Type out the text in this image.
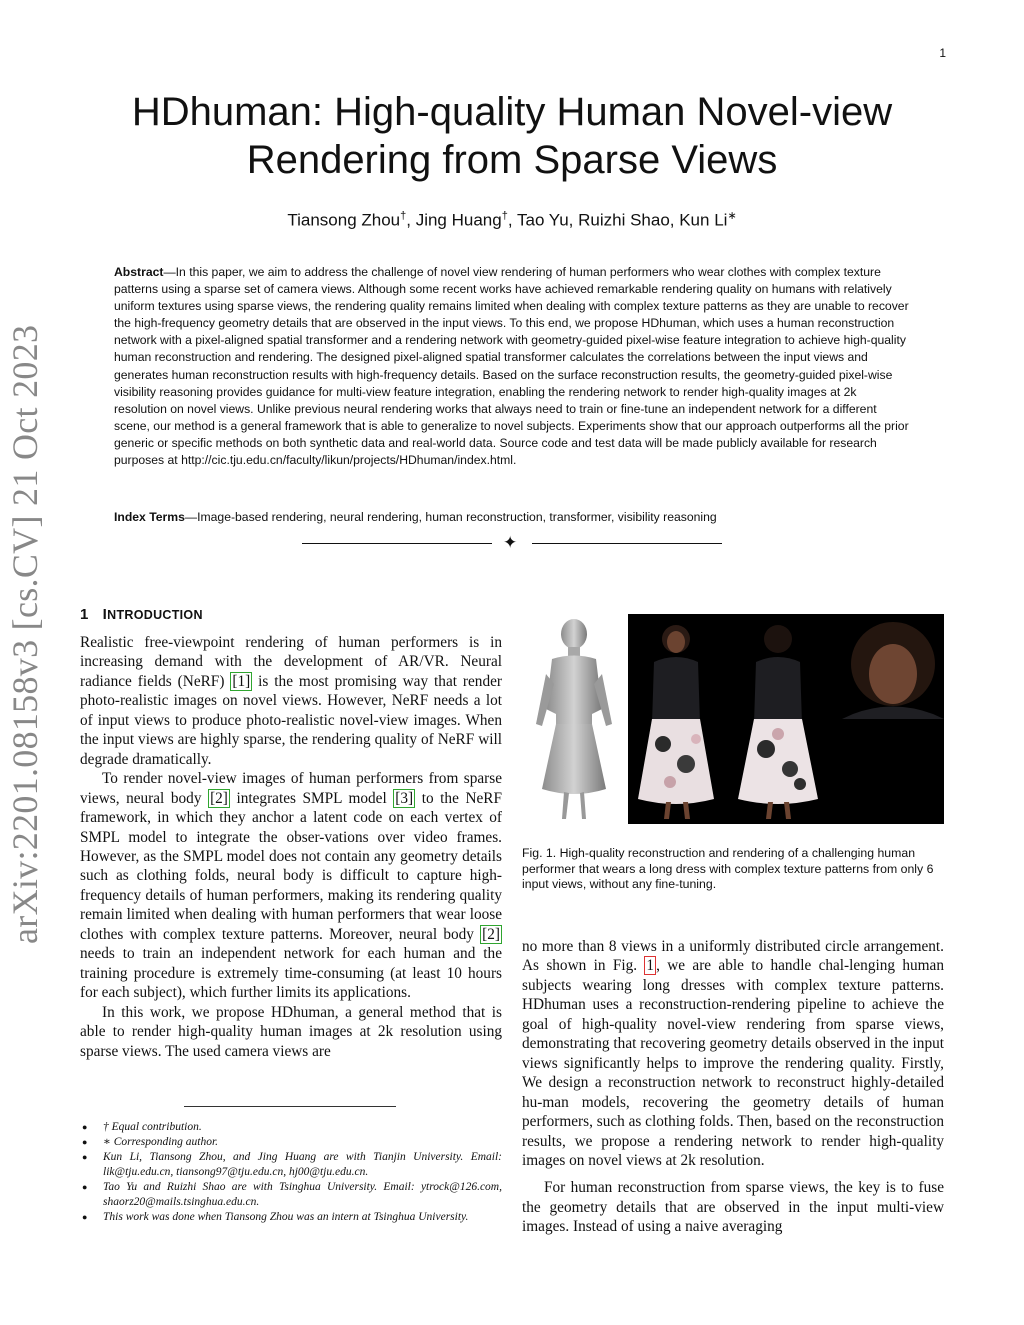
1
arXiv:2201.08158v3 [cs.CV] 21 Oct 2023
HDhuman: High-quality Human Novel-view
Rendering from Sparse Views

Tiansong Zhou†, Jing Huang†, Tao Yu, Ruizhi Shao, Kun Li∗

Abstract—In this paper, we aim to address the challenge of novel view rendering of human performers who wear clothes with complex texture patterns using a sparse set of camera views. Although some recent works have achieved remarkable rendering quality on humans with relatively uniform textures using sparse views, the rendering quality remains limited when dealing with complex texture patterns as they are unable to recover the high-frequency geometry details that are observed in the input views. To this end, we propose HDhuman, which uses a human reconstruction network with a pixel-aligned spatial transformer and a rendering network with geometry-guided pixel-wise feature integration to achieve high-quality human reconstruction and rendering. The designed pixel-aligned spatial transformer calculates the correlations between the input views and generates human reconstruction results with high-frequency details. Based on the surface reconstruction results, the geometry-guided pixel-wise visibility reasoning provides guidance for multi-view feature integration, enabling the rendering network to render high-quality images at 2k resolution on novel views. Unlike previous neural rendering works that always need to train or fine-tune an independent network for a different scene, our method is a general framework that is able to generalize to novel subjects. Experiments show that our approach outperforms all the prior generic or specific methods on both synthetic data and real-world data. Source code and test data will be made publicly available for research purposes at http://cic.tju.edu.cn/faculty/likun/projects/HDhuman/index.html.

Index Terms—Image-based rendering, neural rendering, human reconstruction, transformer, visibility reasoning

✦
1 INTRODUCTION

Realistic free-viewpoint rendering of human performers is in increasing demand with the development of AR/VR. Neural radiance fields (NeRF) [1] is the most promising way that render photo-realistic images on novel views. However, NeRF needs a lot of input views to produce photo-realistic novel-view images. When the input views are highly sparse, the rendering quality of NeRF will degrade dramatically.

To render novel-view images of human performers from sparse views, neural body [2] integrates SMPL model [3] to the NeRF framework, in which they anchor a latent code on each vertex of SMPL model to integrate the obser-vations over video frames. However, as the SMPL model does not contain any geometry details such as clothing folds, neural body is difficult to capture high-frequency details of human performers, making its rendering quality remain limited when dealing with human performers that wear loose clothes with complex texture patterns. Moreover, neural body [2] needs to train an independent network for each human and the training procedure is extremely time-consuming (at least 10 hours for each subject), which further limits its applications.

In this work, we propose HDhuman, a general method that is able to render high-quality human images at 2k resolution using sparse views. The used camera views are

● † Equal contribution.
● ∗ Corresponding author.
● Kun Li, Tiansong Zhou, and Jing Huang are with Tianjin University. Email: lik@tju.edu.cn, tiansong97@tju.edu.cn, hj00@tju.edu.cn.
● Tao Yu and Ruizhi Shao are with Tsinghua University. Email: ytrock@126.com, shaorz20@mails.tsinghua.edu.cn.
● This work was done when Tiansong Zhou was an intern at Tsinghua University.

Fig. 1. High-quality reconstruction and rendering of a challenging human performer that wears a long dress with complex texture patterns from only 6 input views, without any fine-tuning.

no more than 8 views in a uniformly distributed circle arrangement. As shown in Fig. 1 , we are able to handle chal-lenging human subjects wearing long dresses with complex texture patterns. HDhuman uses a reconstruction-rendering pipeline to achieve the goal of high-quality novel-view rendering from sparse views, demonstrating that recovering geometry details observed in the input views significantly helps to improve the rendering quality. Firstly, We design a reconstruction network to reconstruct highly-detailed hu-man models, recovering the geometry details of human performers, such as clothing folds. Then, based on the reconstruction results, we propose a rendering network to render high-quality images on novel views at 2k resolution.

For human reconstruction from sparse views, the key is to fuse the geometry details that are observed in the input multi-view images. Instead of using a naive averaging
